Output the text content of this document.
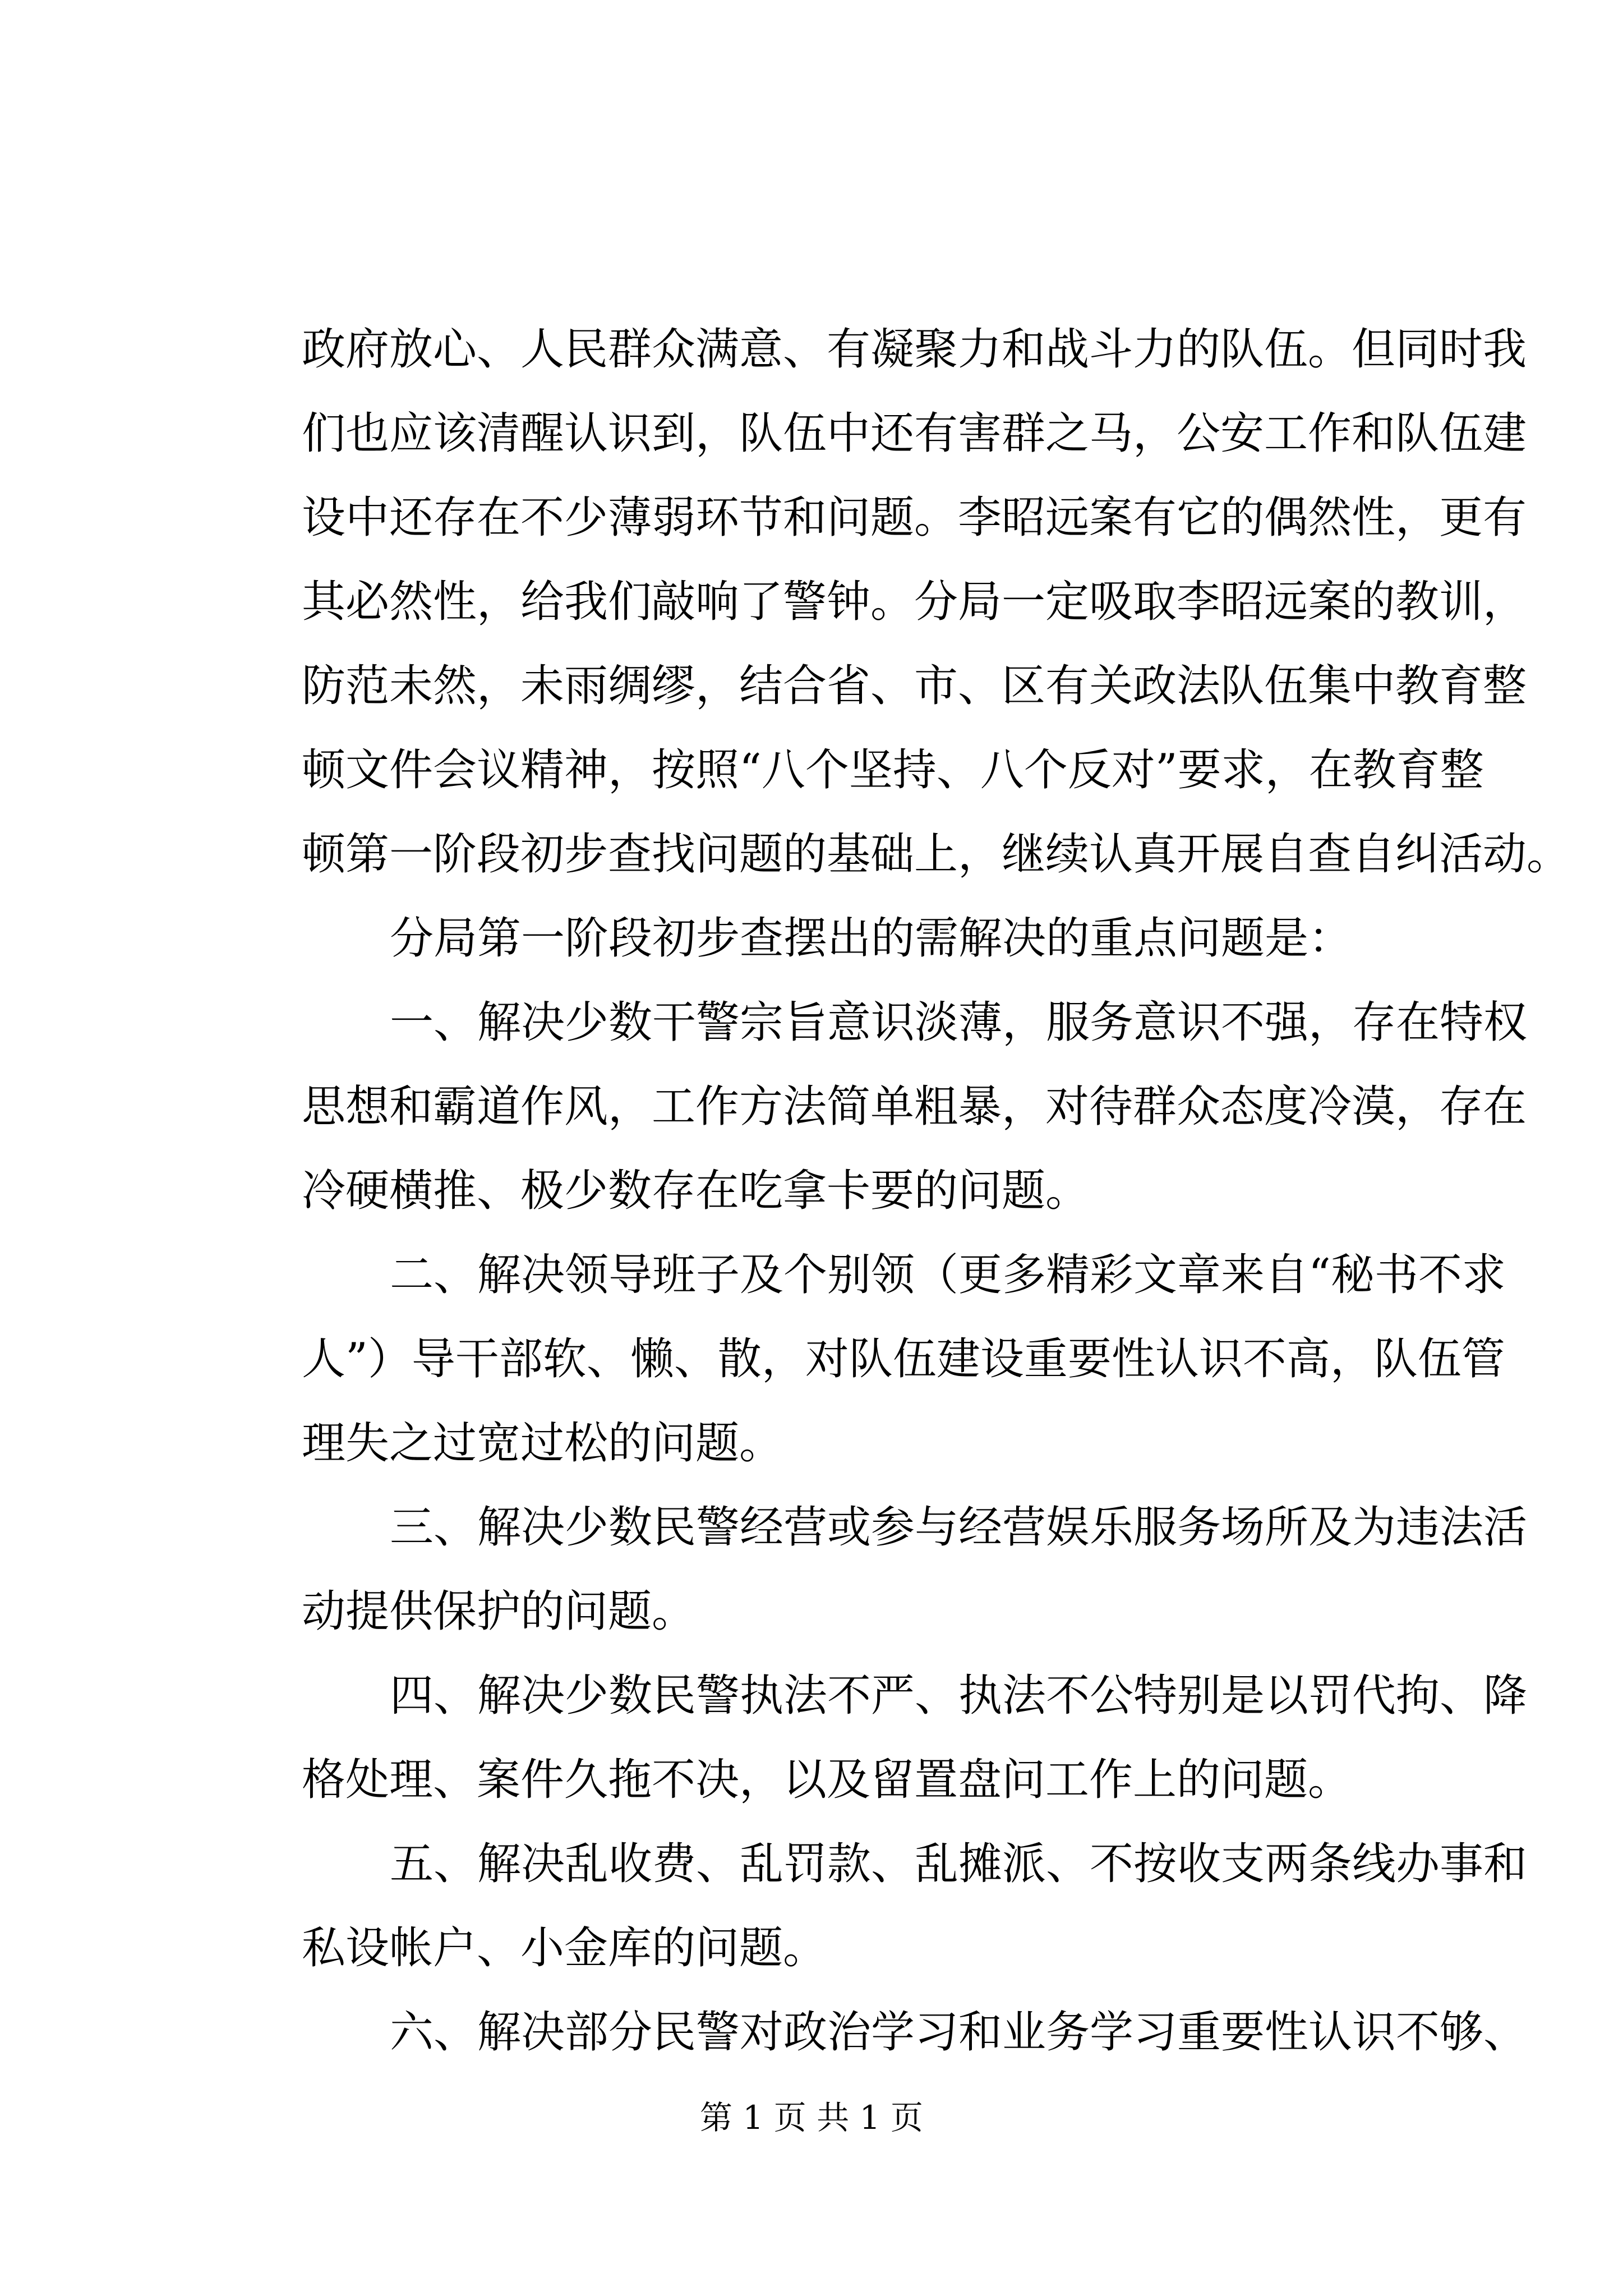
政府放心、人民群众满意、有凝聚力和战斗力的队伍。但同时我
们也应该清醒认识到，队伍中还有害群之马，公安工作和队伍建
设中还存在不少薄弱环节和问题。李昭远案有它的偶然性，更有
其必然性，给我们敲响了警钟。分局一定吸取李昭远案的教训，
防范未然，未雨绸缪，结合省、市、区有关政法队伍集中教育整
顿文件会议精神，按照“八个坚持、八个反对”要求，在教育整
顿第一阶段初步查找问题的基础上，继续认真开展自查自纠活动。
分局第一阶段初步查摆出的需解决的重点问题是：
一、解决少数干警宗旨意识淡薄，服务意识不强，存在特权
思想和霸道作风，工作方法简单粗暴，对待群众态度冷漠，存在
冷硬横推、极少数存在吃拿卡要的问题。
二、解决领导班子及个别领（更多精彩文章来自“秘书不求
人”）导干部软、懒、散，对队伍建设重要性认识不高，队伍管
理失之过宽过松的问题。
三、解决少数民警经营或参与经营娱乐服务场所及为违法活
动提供保护的问题。
四、解决少数民警执法不严、执法不公特别是以罚代拘、降
格处理、案件久拖不决，以及留置盘问工作上的问题。
五、解决乱收费、乱罚款、乱摊派、不按收支两条线办事和
私设帐户、小金库的问题。
六、解决部分民警对政治学习和业务学习重要性认识不够、
第 1 页 共 1 页
